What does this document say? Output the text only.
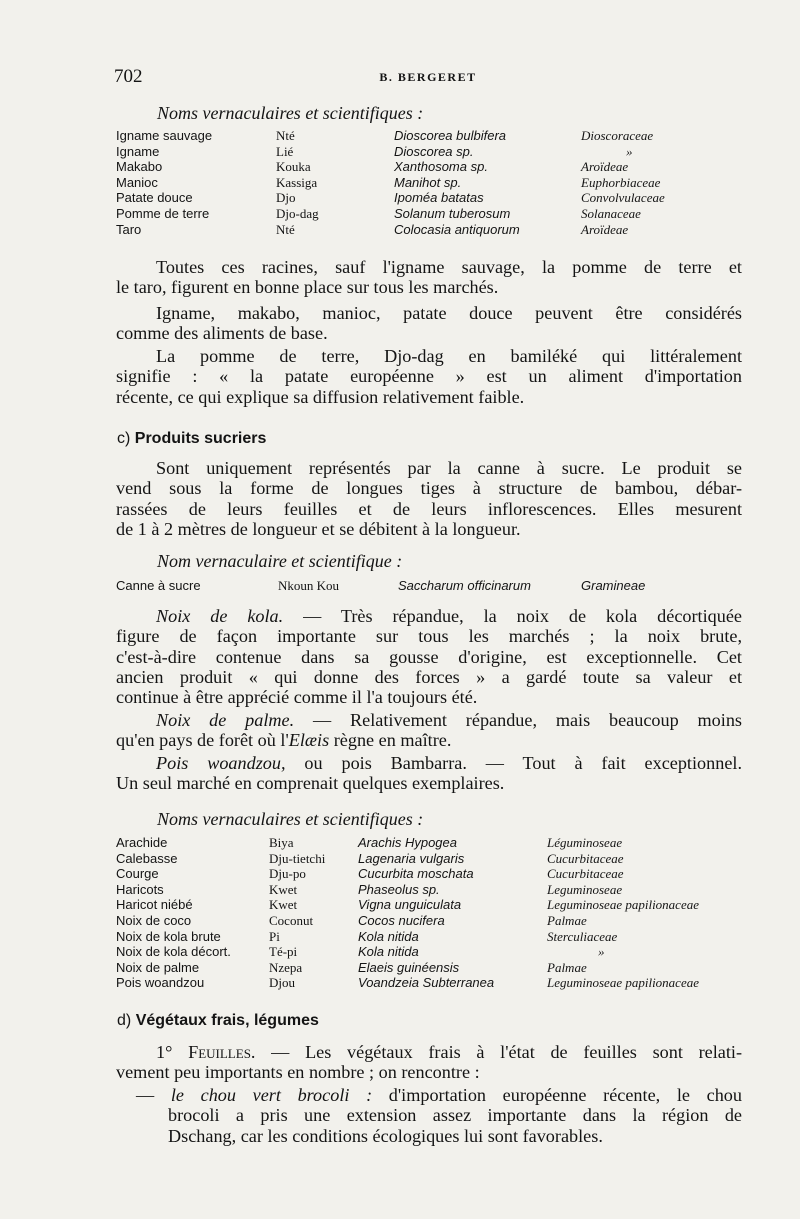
702	B. BERGERET
Noms vernaculaires et scientifiques :
Igname sauvage	Nté	Dioscorea bulbifera	Dioscoraceae
Igname	Lié	Dioscorea sp.	»
Makabo	Kouka	Xanthosoma sp.	Aroïdeae
Manioc	Kassiga	Manihot sp.	Euphorbiaceae
Patate douce	Djo	Ipoméa batatas	Convolvulaceae
Pomme de terre	Djo-dag	Solanum tuberosum	Solanaceae
Taro	Nté	Colocasia antiquorum	Aroïdeae
Toutes ces racines, sauf l'igname sauvage, la pomme de terre et
le taro, figurent en bonne place sur tous les marchés.
Igname, makabo, manioc, patate douce peuvent être considérés
comme des aliments de base.
La pomme de terre, Djo-dag en bamiléké qui littéralement
signifie : « la patate européenne » est un aliment d'importation
récente, ce qui explique sa diffusion relativement faible.
c) Produits sucriers
Sont uniquement représentés par la canne à sucre. Le produit se
vend sous la forme de longues tiges à structure de bambou, débar-
rassées de leurs feuilles et de leurs inflorescences. Elles mesurent
de 1 à 2 mètres de longueur et se débitent à la longueur.
Nom vernaculaire et scientifique :
Canne à sucre	Nkoun Kou	Saccharum officinarum	Gramineae
Noix de kola. — Très répandue, la noix de kola décortiquée
figure de façon importante sur tous les marchés ; la noix brute,
c'est-à-dire contenue dans sa gousse d'origine, est exceptionnelle. Cet
ancien produit « qui donne des forces » a gardé toute sa valeur et
continue à être apprécié comme il l'a toujours été.
Noix de palme. — Relativement répandue, mais beaucoup moins
qu'en pays de forêt où l'Elæis règne en maître.
Pois woandzou, ou pois Bambarra. — Tout à fait exceptionnel.
Un seul marché en comprenait quelques exemplaires.
Noms vernaculaires et scientifiques :
Arachide	Biya	Arachis Hypogea	Léguminoseae
Calebasse	Dju-tietchi	Lagenaria vulgaris	Cucurbitaceae
Courge	Dju-po	Cucurbita moschata	Cucurbitaceae
Haricots	Kwet	Phaseolus sp.	Leguminoseae
Haricot niébé	Kwet	Vigna unguiculata	Leguminoseae papilionaceae
Noix de coco	Coconut	Cocos nucifera	Palmae
Noix de kola brute	Pi	Kola nitida	Sterculiaceae
Noix de kola décort.	Té-pi	Kola nitida	»
Noix de palme	Nzepa	Elaeis guinéensis	Palmae
Pois woandzou	Djou	Voandzeia Subterranea	Leguminoseae papilionaceae
d) Végétaux frais, légumes
1° Feuilles. — Les végétaux frais à l'état de feuilles sont relati-
vement peu importants en nombre ; on rencontre :
— le chou vert brocoli : d'importation européenne récente, le chou
brocoli a pris une extension assez importante dans la région de
Dschang, car les conditions écologiques lui sont favorables.
